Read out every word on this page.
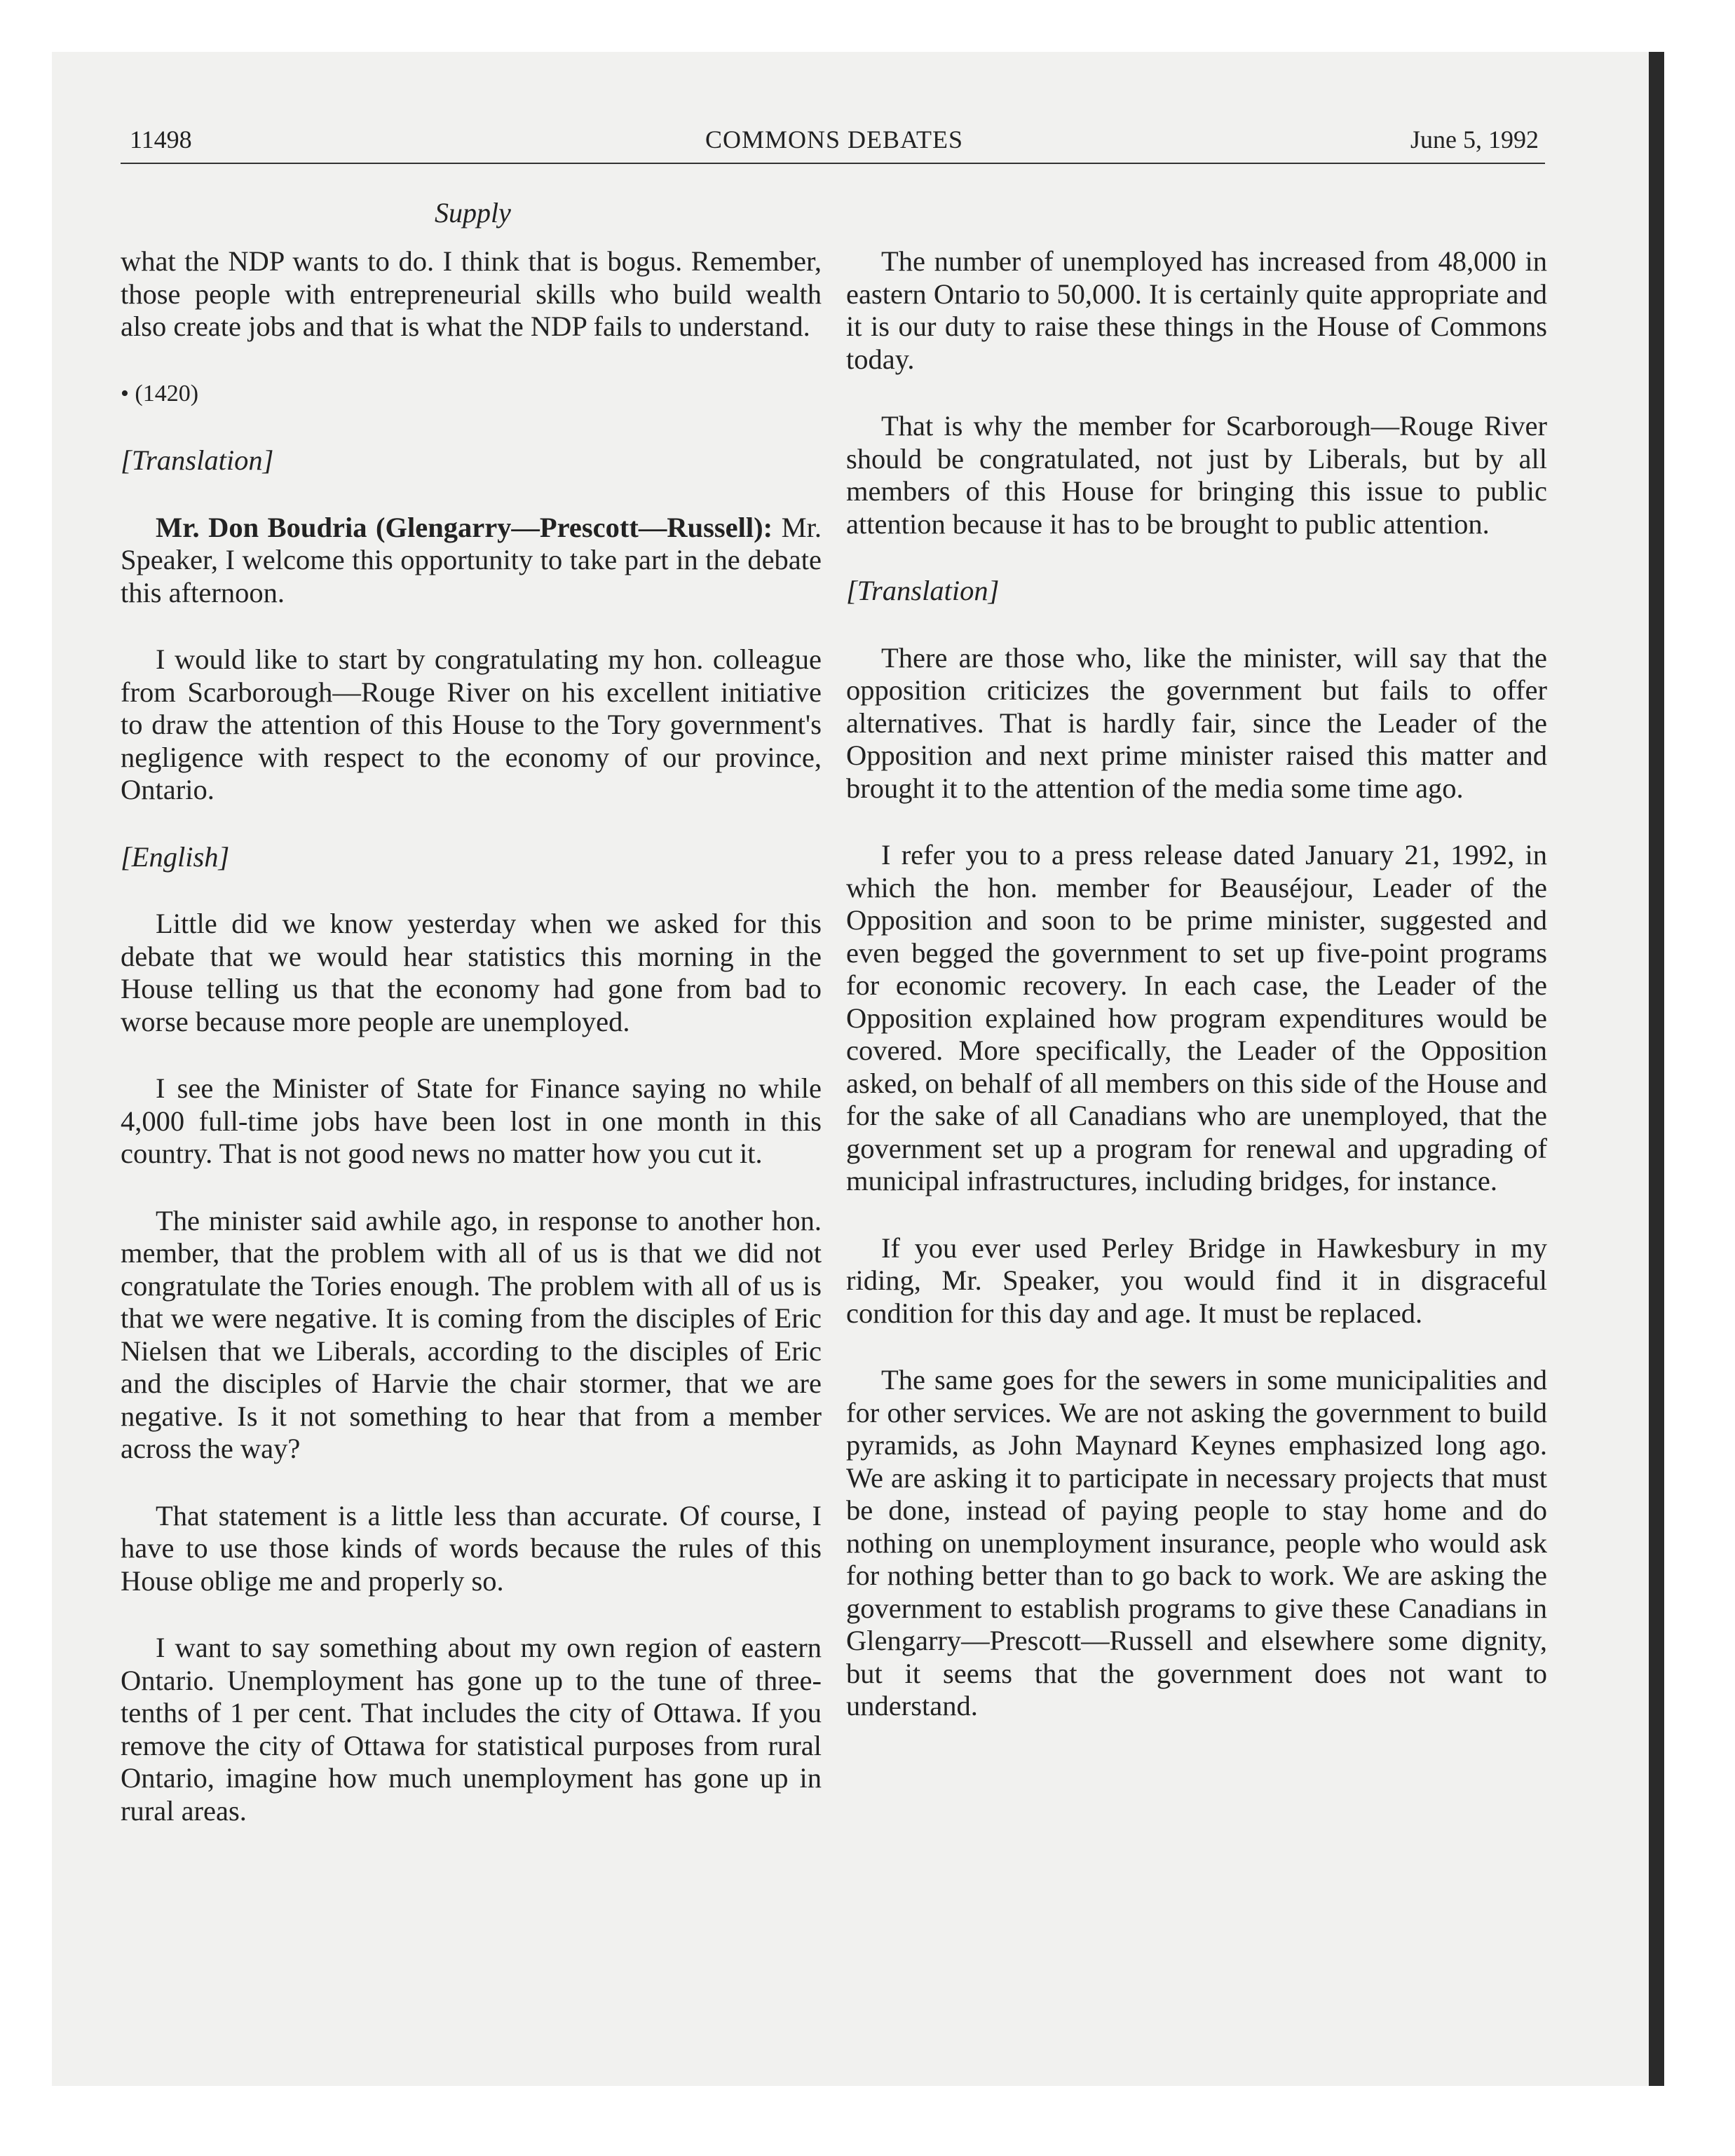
11498	COMMONS DEBATES	June 5, 1992
Supply

what the NDP wants to do. I think that is bogus. Remember, those people with entrepreneurial skills who build wealth also create jobs and that is what the NDP fails to understand.

• (1420)
[Translation]

Mr. Don Boudria (Glengarry—Prescott—Russell): Mr. Speaker, I welcome this opportunity to take part in the debate this afternoon.

I would like to start by congratulating my hon. colleague from Scarborough—Rouge River on his excellent initiative to draw the attention of this House to the Tory government's negligence with respect to the economy of our province, Ontario.

[English]

Little did we know yesterday when we asked for this debate that we would hear statistics this morning in the House telling us that the economy had gone from bad to worse because more people are unemployed.

I see the Minister of State for Finance saying no while 4,000 full-time jobs have been lost in one month in this country. That is not good news no matter how you cut it.

The minister said awhile ago, in response to another hon. member, that the problem with all of us is that we did not congratulate the Tories enough. The problem with all of us is that we were negative. It is coming from the disciples of Eric Nielsen that we Liberals, according to the disciples of Eric and the disciples of Harvie the chair stormer, that we are negative. Is it not something to hear that from a member across the way?

That statement is a little less than accurate. Of course, I have to use those kinds of words because the rules of this House oblige me and properly so.

I want to say something about my own region of eastern Ontario. Unemployment has gone up to the tune of three-tenths of 1 per cent. That includes the city of Ottawa. If you remove the city of Ottawa for statistical purposes from rural Ontario, imagine how much unemployment has gone up in rural areas.

The number of unemployed has increased from 48,000 in eastern Ontario to 50,000. It is certainly quite appropriate and it is our duty to raise these things in the House of Commons today.

That is why the member for Scarborough—Rouge River should be congratulated, not just by Liberals, but by all members of this House for bringing this issue to public attention because it has to be brought to public attention.

[Translation]

There are those who, like the minister, will say that the opposition criticizes the government but fails to offer alternatives. That is hardly fair, since the Leader of the Opposition and next prime minister raised this matter and brought it to the attention of the media some time ago.

I refer you to a press release dated January 21, 1992, in which the hon. member for Beauséjour, Leader of the Opposition and soon to be prime minister, suggested and even begged the government to set up five-point programs for economic recovery. In each case, the Leader of the Opposition explained how program expenditures would be covered. More specifically, the Leader of the Opposition asked, on behalf of all members on this side of the House and for the sake of all Canadians who are unemployed, that the government set up a program for renewal and upgrading of municipal infrastructures, including bridges, for instance.

If you ever used Perley Bridge in Hawkesbury in my riding, Mr. Speaker, you would find it in disgraceful condition for this day and age. It must be replaced.

The same goes for the sewers in some municipalities and for other services. We are not asking the government to build pyramids, as John Maynard Keynes emphasized long ago. We are asking it to participate in necessary projects that must be done, instead of paying people to stay home and do nothing on unemployment insurance, people who would ask for nothing better than to go back to work. We are asking the government to establish programs to give these Canadians in Glengarry—Prescott—Russell and elsewhere some dignity, but it seems that the government does not want to understand.
